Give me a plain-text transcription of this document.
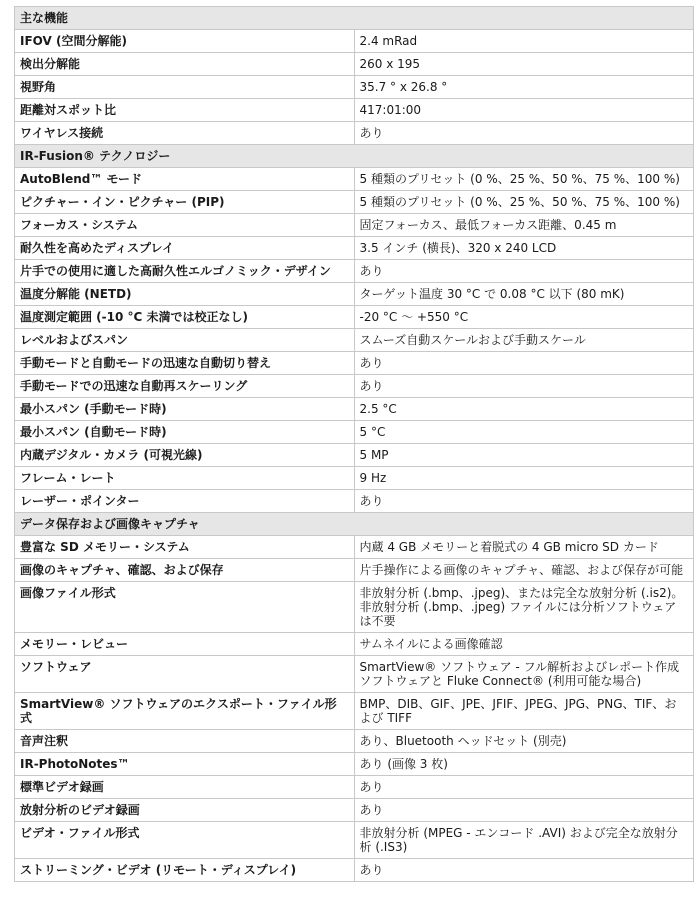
主な機能	
IFOV (空間分解能)	2.4 mRad

検出分解能	260 x 195

視野角	35.7 ° x 26.8 °

距離対スポット比	417:01:00

ワイヤレス接続	あり

IR-Fusion® テクノロジー	
AutoBlend™ モード	5 種類のプリセット (0 %、25 %、50 %、75 %、100 %)

ピクチャー・イン・ピクチャー (PIP)	5 種類のプリセット (0 %、25 %、50 %、75 %、100 %)

フォーカス・システム	固定フォーカス、最低フォーカス距離、0.45 m

耐久性を高めたディスプレイ	3.5 インチ (横長)、320 x 240 LCD

片手での使用に適した高耐久性エルゴノミック・デザイン	あり

温度分解能 (NETD)	ターゲット温度 30 °C で 0.08 °C 以下 (80 mK)

温度測定範囲 (-10 °C 未満では校正なし)	-20 °C ～ +550 °C

レベルおよびスパン	スムーズ自動スケールおよび手動スケール

手動モードと自動モードの迅速な自動切り替え	あり

手動モードでの迅速な自動再スケーリング	あり

最小スパン (手動モード時)	2.5 °C

最小スパン (自動モード時)	5 °C

内蔵デジタル・カメラ (可視光線)	5 MP

フレーム・レート	9 Hz

レーザー・ポインター	あり

データ保存および画像キャプチャ	
豊富な SD メモリー・システム	内蔵 4 GB メモリーと着脱式の 4 GB micro SD カード

画像のキャプチャ、確認、および保存	片手操作による画像のキャプチャ、確認、および保存が可能

画像ファイル形式	非放射分析 (.bmp、.jpeg)、または完全な放射分析 (.is2)。
非放射分析 (.bmp、.jpeg) ファイルには分析ソフトウェアは不要

メモリー・レビュー	サムネイルによる画像確認

ソフトウェア	SmartView® ソフトウェア - フル解析およびレポート作成ソフトウェアと Fluke Connect® (利用可能な場合)

SmartView® ソフトウェアのエクスポート・ファイル形式	BMP、DIB、GIF、JPE、JFIF、JPEG、JPG、PNG、TIF、および TIFF

音声注釈	あり、Bluetooth ヘッドセット (別売)

IR-PhotoNotes™	あり (画像 3 枚)

標準ビデオ録画	あり

放射分析のビデオ録画	あり

ビデオ・ファイル形式	非放射分析 (MPEG - エンコード .AVI) および完全な放射分析 (.IS3)

ストリーミング・ビデオ (リモート・ディスプレイ)	あり
